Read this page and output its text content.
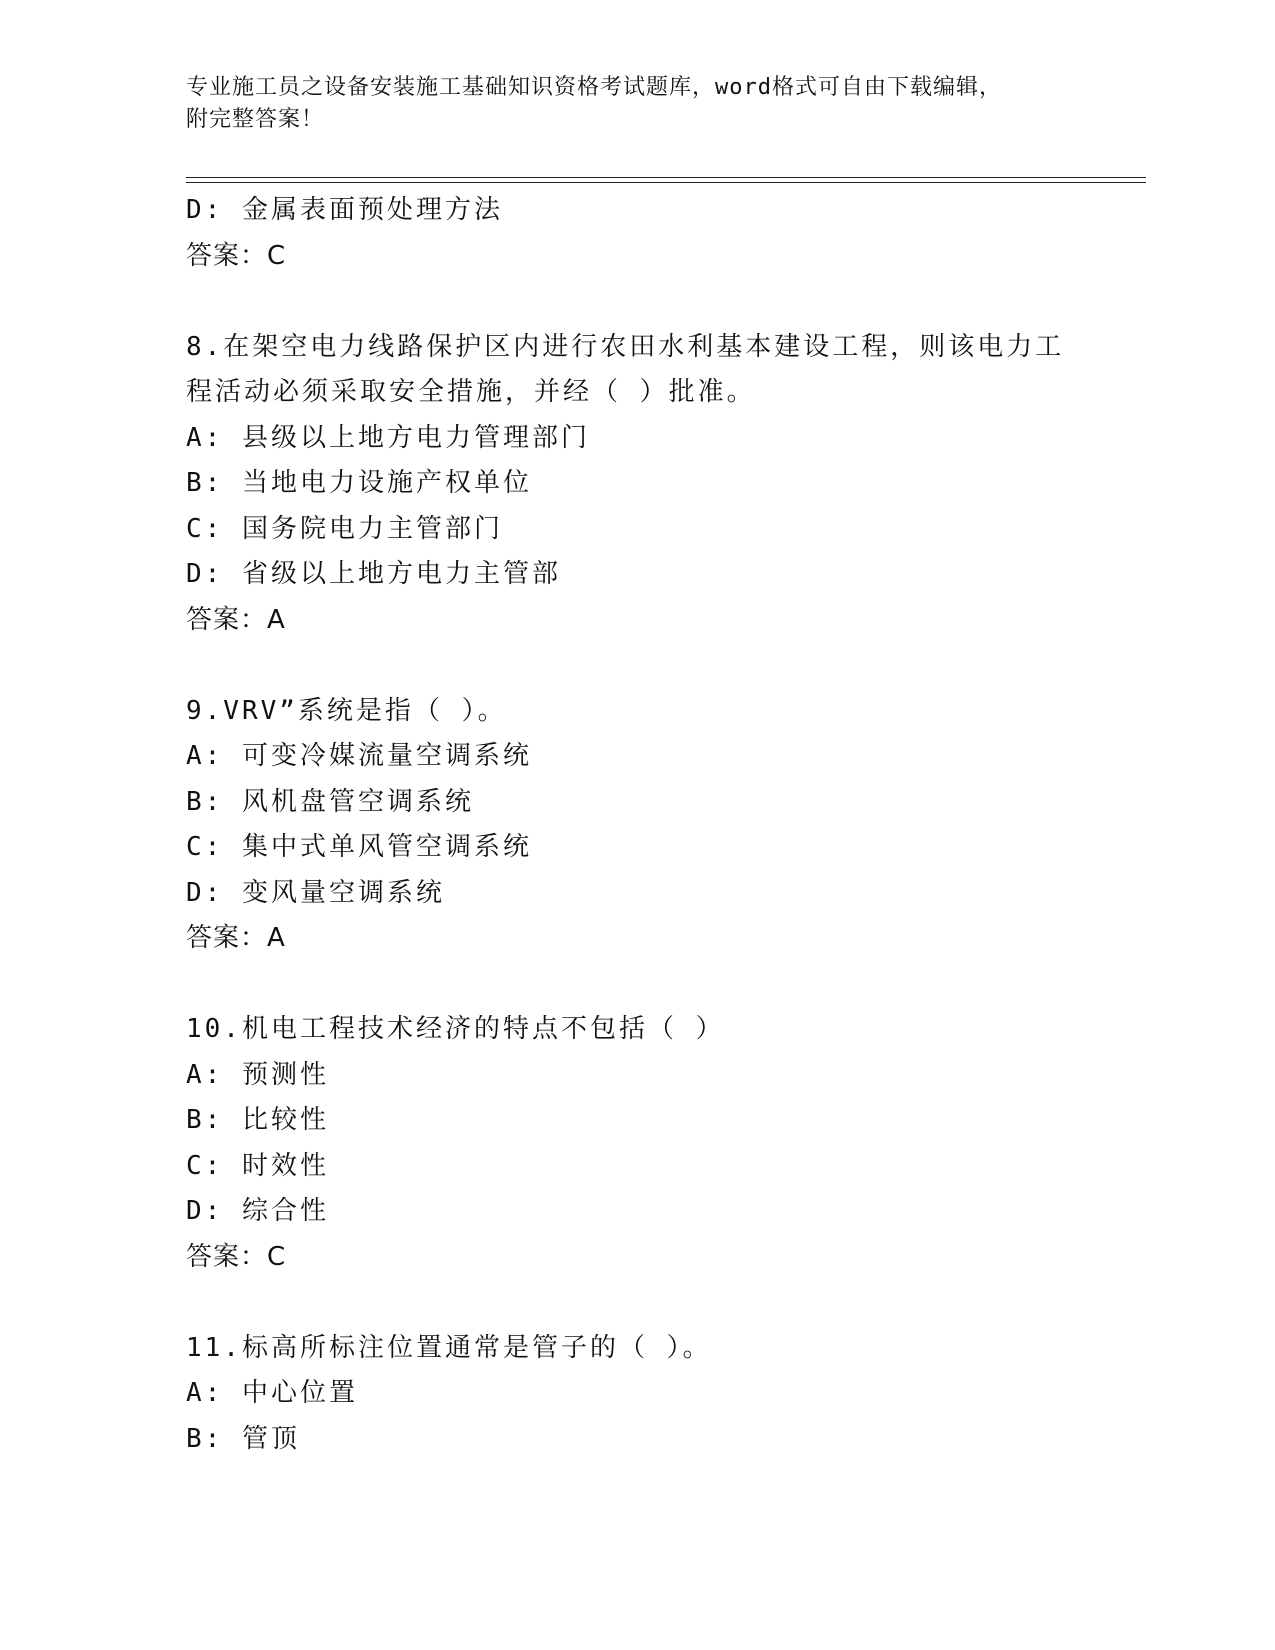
专业施工员之设备安装施工基础知识资格考试题库，word格式可自由下载编辑，
附完整答案！
D: 金属表面预处理方法
答案：C
8.在架空电力线路保护区内进行农田水利基本建设工程，则该电力工
程活动必须采取安全措施，并经（ ）批准。
A: 县级以上地方电力管理部门
B: 当地电力设施产权单位
C: 国务院电力主管部门
D: 省级以上地方电力主管部
答案：A
9.VRV”系统是指（ ）。
A: 可变冷媒流量空调系统
B: 风机盘管空调系统
C: 集中式单风管空调系统
D: 变风量空调系统
答案：A
10.机电工程技术经济的特点不包括（ ）
A: 预测性
B: 比较性
C: 时效性
D: 综合性
答案：C
11.标高所标注位置通常是管子的（ ）。
A: 中心位置
B: 管顶
